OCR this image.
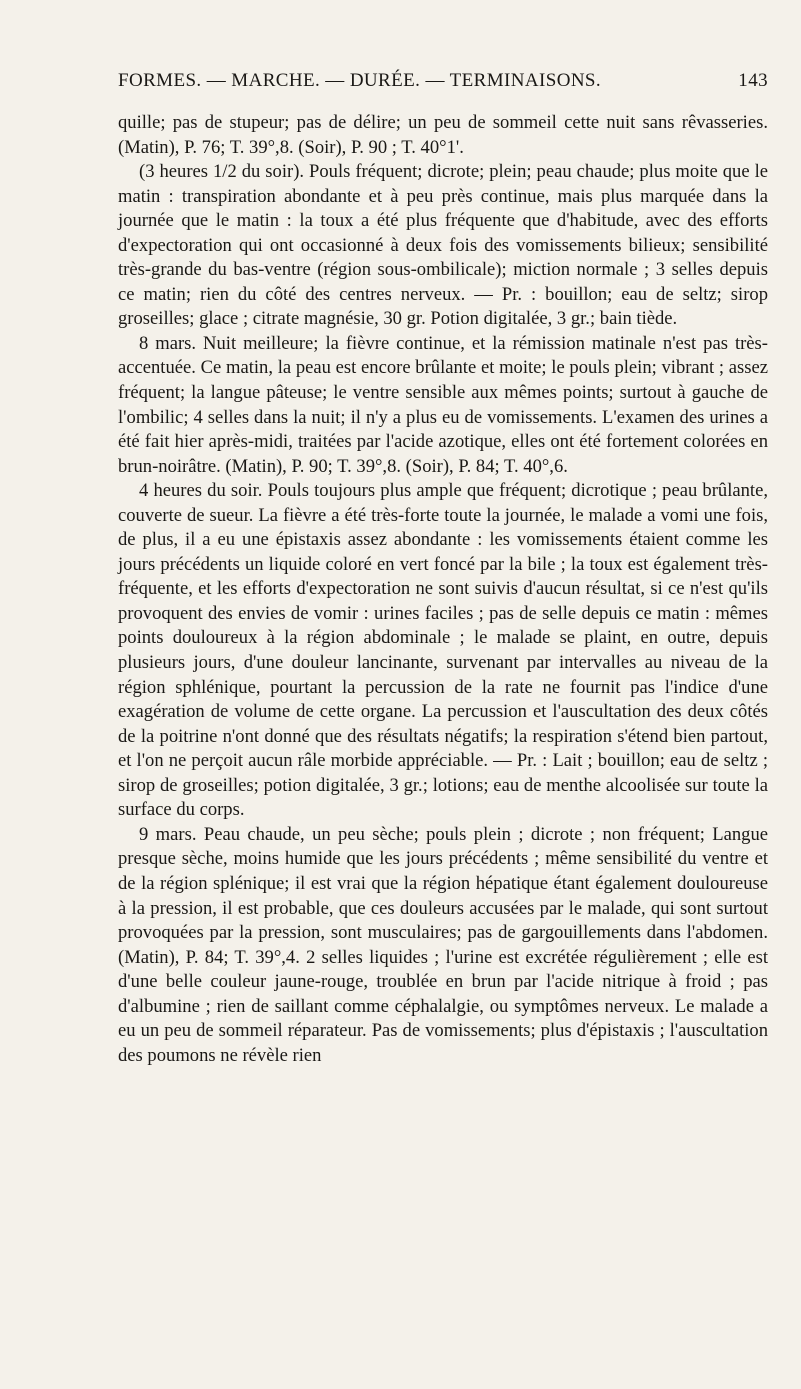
FORMES. — MARCHE. — DURÉE. — TERMINAISONS.	143

quille; pas de stupeur; pas de délire; un peu de sommeil cette nuit sans rêvasseries. (Matin), P. 76; T. 39°,8. (Soir), P. 90 ; T. 40°1'.

(3 heures 1/2 du soir). Pouls fréquent; dicrote; plein; peau chaude; plus moite que le matin : transpiration abondante et à peu près continue, mais plus marquée dans la journée que le matin : la toux a été plus fréquente que d'habitude, avec des efforts d'expectoration qui ont occasionné à deux fois des vomissements bilieux; sensibilité très-grande du bas-ventre (région sous-ombilicale); miction normale ; 3 selles depuis ce matin; rien du côté des centres nerveux. — Pr. : bouillon; eau de seltz; sirop groseilles; glace ; citrate magnésie, 30 gr. Potion digitalée, 3 gr.; bain tiède.

8 mars. Nuit meilleure; la fièvre continue, et la rémission matinale n'est pas très-accentuée. Ce matin, la peau est encore brûlante et moite; le pouls plein; vibrant ; assez fréquent; la langue pâteuse; le ventre sensible aux mêmes points; surtout à gauche de l'ombilic; 4 selles dans la nuit; il n'y a plus eu de vomissements. L'examen des urines a été fait hier après-midi, traitées par l'acide azotique, elles ont été fortement colorées en brun-noirâtre. (Matin), P. 90; T. 39°,8. (Soir), P. 84; T. 40°,6.

4 heures du soir. Pouls toujours plus ample que fréquent; dicrotique ; peau brûlante, couverte de sueur. La fièvre a été très-forte toute la journée, le malade a vomi une fois, de plus, il a eu une épistaxis assez abondante : les vomissements étaient comme les jours précédents un liquide coloré en vert foncé par la bile ; la toux est également très-fréquente, et les efforts d'expectoration ne sont suivis d'aucun résultat, si ce n'est qu'ils provoquent des envies de vomir : urines faciles ; pas de selle depuis ce matin : mêmes points douloureux à la région abdominale ; le malade se plaint, en outre, depuis plusieurs jours, d'une douleur lancinante, survenant par intervalles au niveau de la région sphlénique, pourtant la percussion de la rate ne fournit pas l'indice d'une exagération de volume de cette organe. La percussion et l'auscultation des deux côtés de la poitrine n'ont donné que des résultats négatifs; la respiration s'étend bien partout, et l'on ne perçoit aucun râle morbide appréciable. — Pr. : Lait ; bouillon; eau de seltz ; sirop de groseilles; potion digitalée, 3 gr.; lotions; eau de menthe alcoolisée sur toute la surface du corps.

9 mars. Peau chaude, un peu sèche; pouls plein ; dicrote ; non fréquent; Langue presque sèche, moins humide que les jours précédents ; même sensibilité du ventre et de la région splénique; il est vrai que la région hépatique étant également douloureuse à la pression, il est probable, que ces douleurs accusées par le malade, qui sont surtout provoquées par la pression, sont musculaires; pas de gargouillements dans l'abdomen. (Matin), P. 84; T. 39°,4. 2 selles liquides ; l'urine est excrétée régulièrement ; elle est d'une belle couleur jaune-rouge, troublée en brun par l'acide nitrique à froid ; pas d'albumine ; rien de saillant comme céphalalgie, ou symptômes nerveux. Le malade a eu un peu de sommeil réparateur. Pas de vomissements; plus d'épistaxis ; l'auscultation des poumons ne révèle rien
